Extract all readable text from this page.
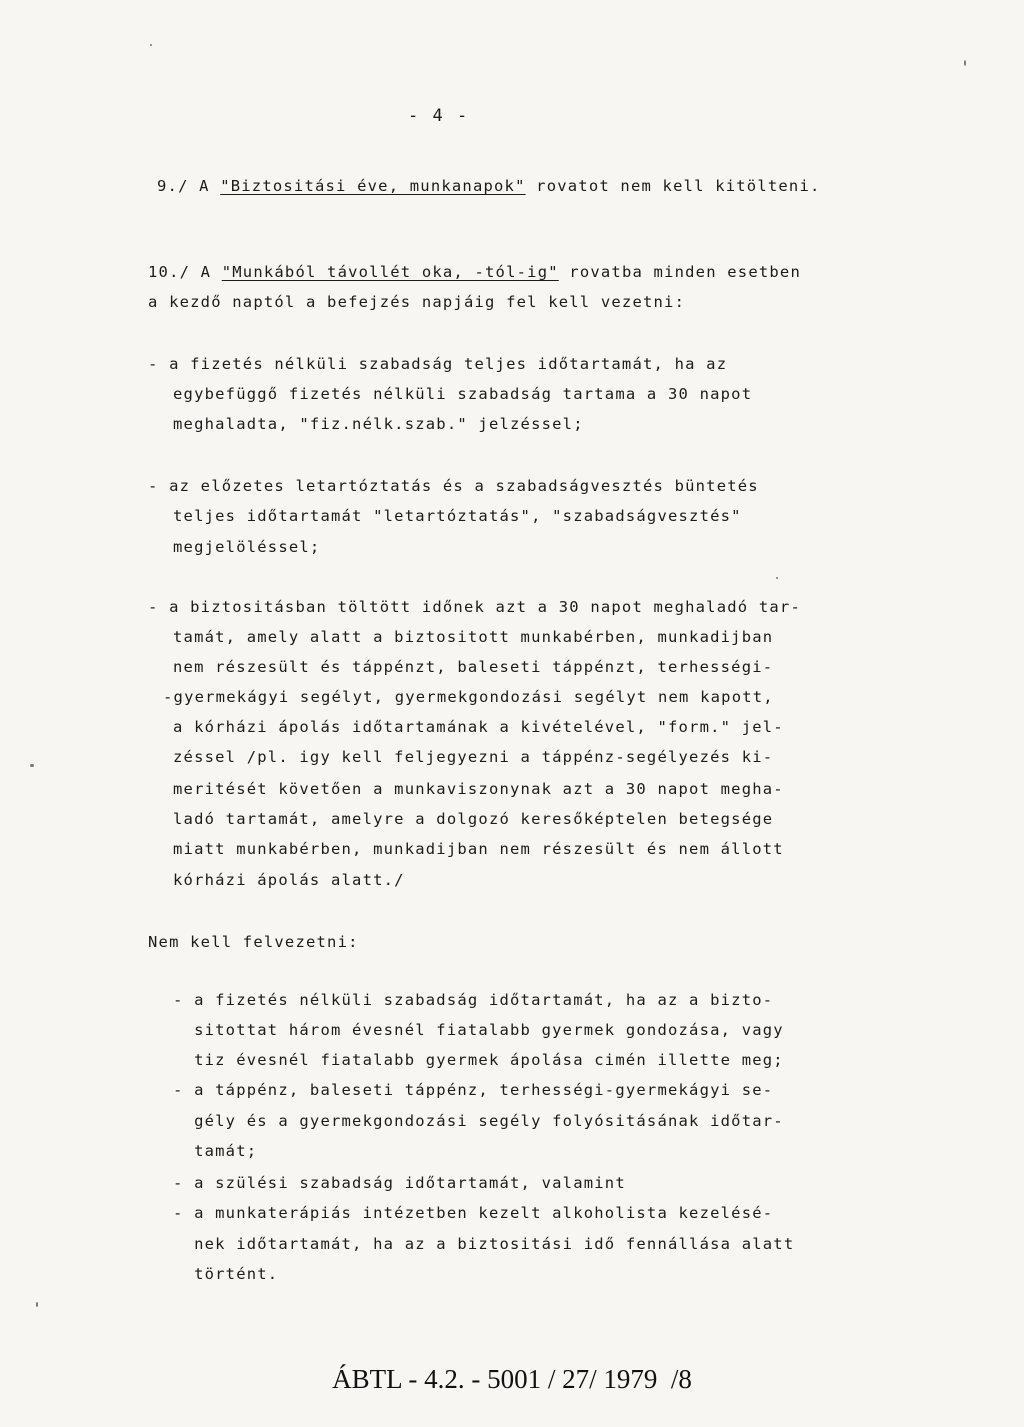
- 4 -
9./ A "Biztositási éve, munkanapok" rovatot nem kell kitölteni.
10./ A "Munkából távollét oka, -tól-ig" rovatba minden esetben
a kezdő naptól a befejzés napjáig fel kell vezetni:
- a fizetés nélküli szabadság teljes időtartamát, ha az
egybefüggő fizetés nélküli szabadság tartama a 30 napot
meghaladta, "fiz.nélk.szab." jelzéssel;
- az előzetes letartóztatás és a szabadságvesztés büntetés
teljes időtartamát "letartóztatás", "szabadságvesztés"
megjelöléssel;
- a biztositásban töltött időnek azt a 30 napot meghaladó tar-
tamát, amely alatt a biztositott munkabérben, munkadijban
nem részesült és táppénzt, baleseti táppénzt, terhességi-
-gyermekágyi segélyt, gyermekgondozási segélyt nem kapott,
a kórházi ápolás időtartamának a kivételével, "form." jel-
zéssel /pl. igy kell feljegyezni a táppénz-segélyezés ki-
meritését követően a munkaviszonynak azt a 30 napot megha-
ladó tartamát, amelyre a dolgozó keresőképtelen betegsége
miatt munkabérben, munkadijban nem részesült és nem állott
kórházi ápolás alatt./
Nem kell felvezetni:
- a fizetés nélküli szabadság időtartamát, ha az a bizto-
sitottat három évesnél fiatalabb gyermek gondozása, vagy
tiz évesnél fiatalabb gyermek ápolása cimén illette meg;
- a táppénz, baleseti táppénz, terhességi-gyermekágyi se-
gély és a gyermekgondozási segély folyósitásának időtar-
tamát;
- a szülési szabadság időtartamát, valamint
- a munkaterápiás intézetben kezelt alkoholista kezelésé-
nek időtartamát, ha az a biztositási idő fennállása alatt
történt.
ÁBTL - 4.2. - 5001 / 27/ 1979  /8
